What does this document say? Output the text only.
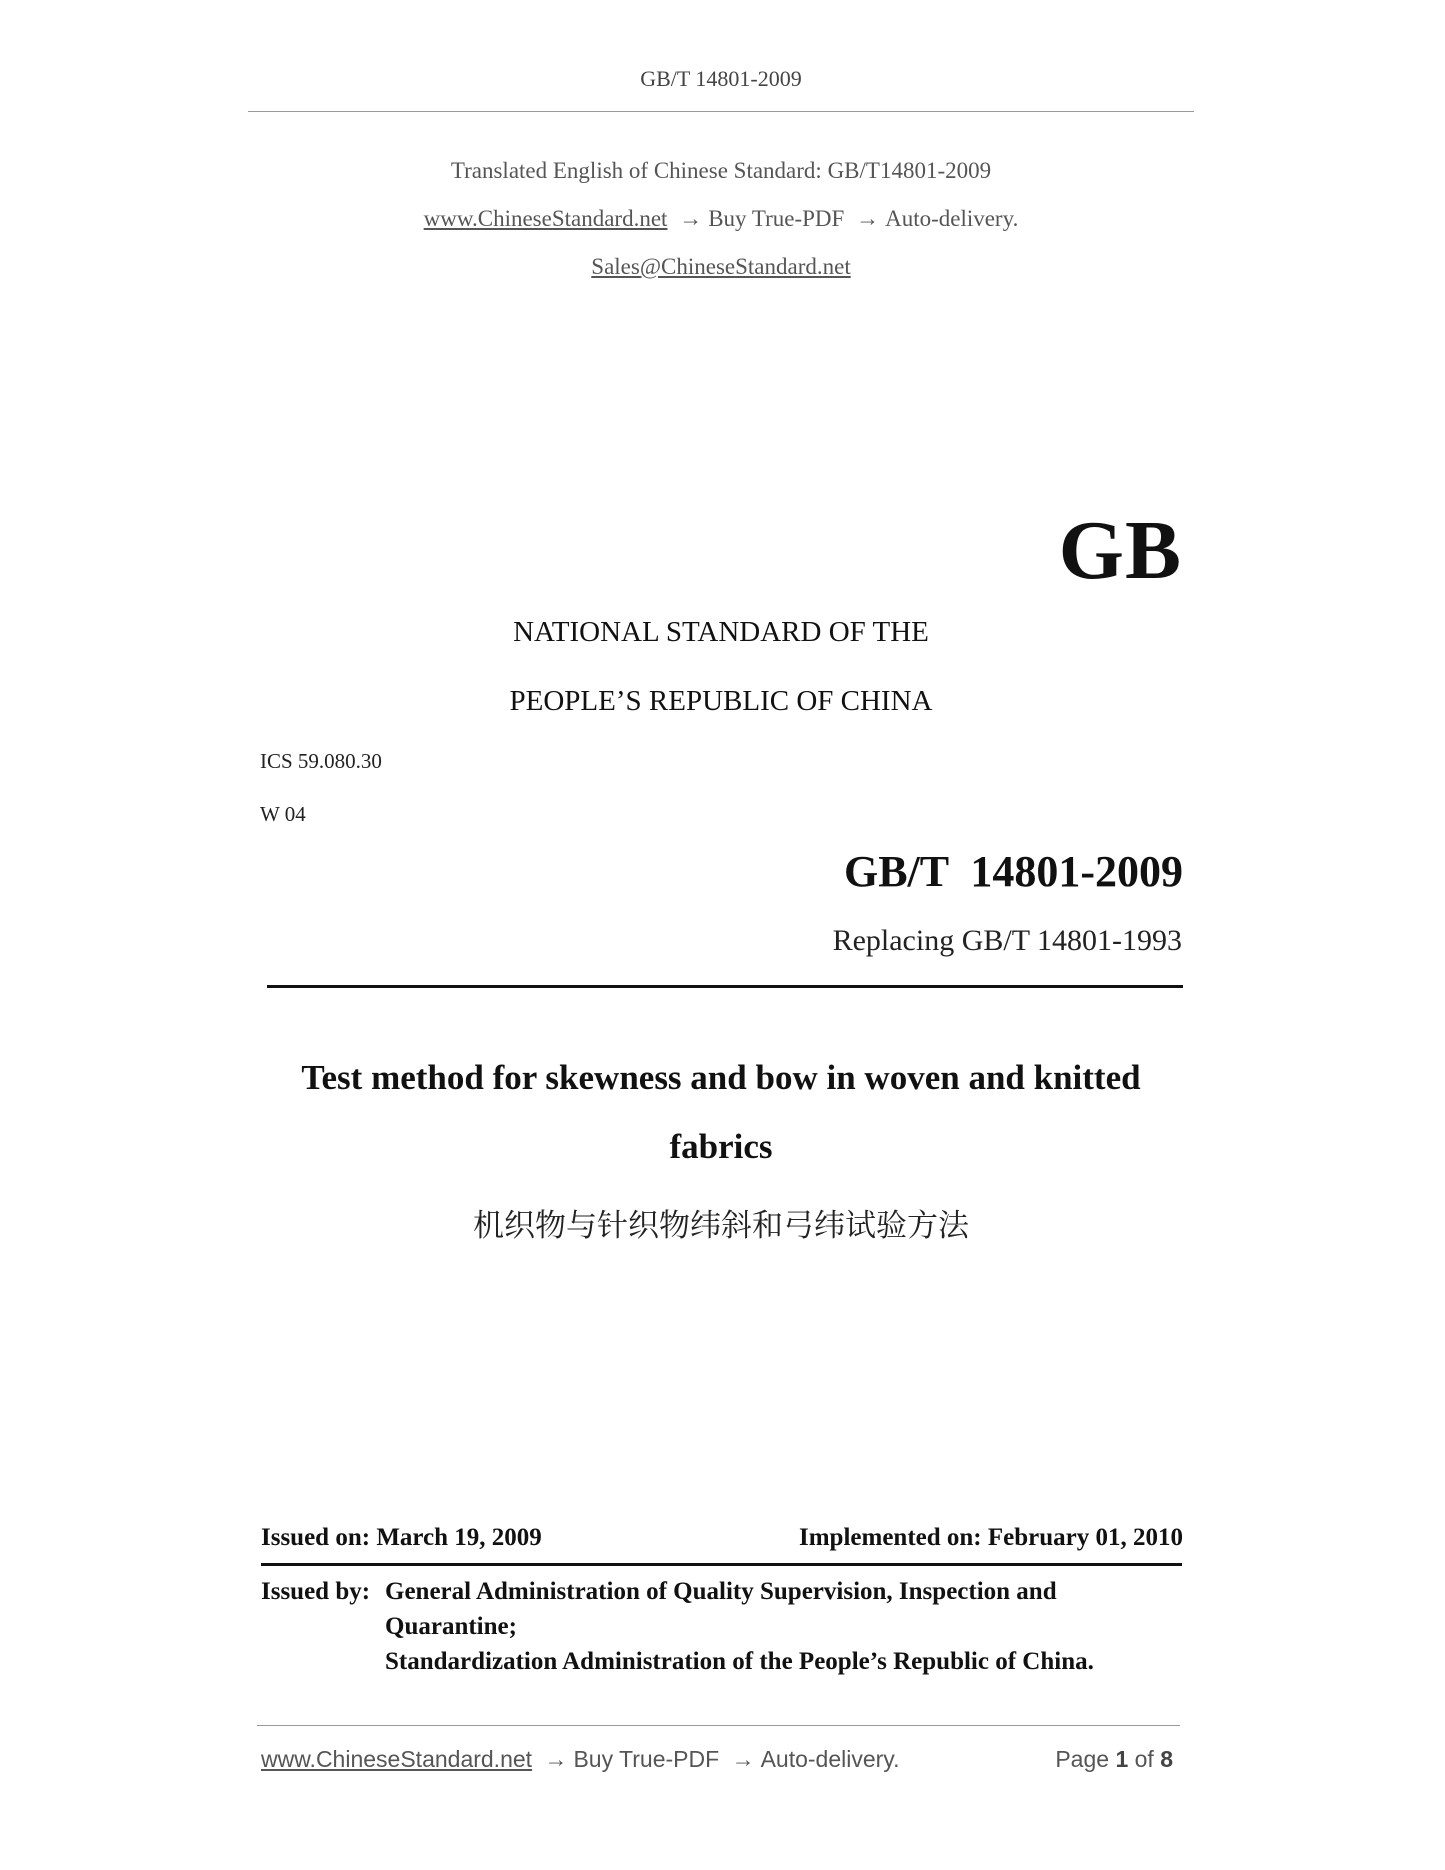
GB/T 14801-2009
Translated English of Chinese Standard: GB/T14801-2009
www.ChineseStandard.net → Buy True-PDF → Auto-delivery.
Sales@ChineseStandard.net
GB
NATIONAL STANDARD OF THE
PEOPLE’S REPUBLIC OF CHINA
ICS 59.080.30
W 04
GB/T  14801-2009
Replacing GB/T 14801-1993
Test method for skewness and bow in woven and knitted
fabrics
机织物与针织物纬斜和弓纬试验方法
Issued on: March 19, 2009	Implemented on: February 01, 2010
Issued by: General Administration of Quality Supervision, Inspection and
Quarantine;
Standardization Administration of the People’s Republic of China.
www.ChineseStandard.net → Buy True-PDF → Auto-delivery.	Page 1 of 8
